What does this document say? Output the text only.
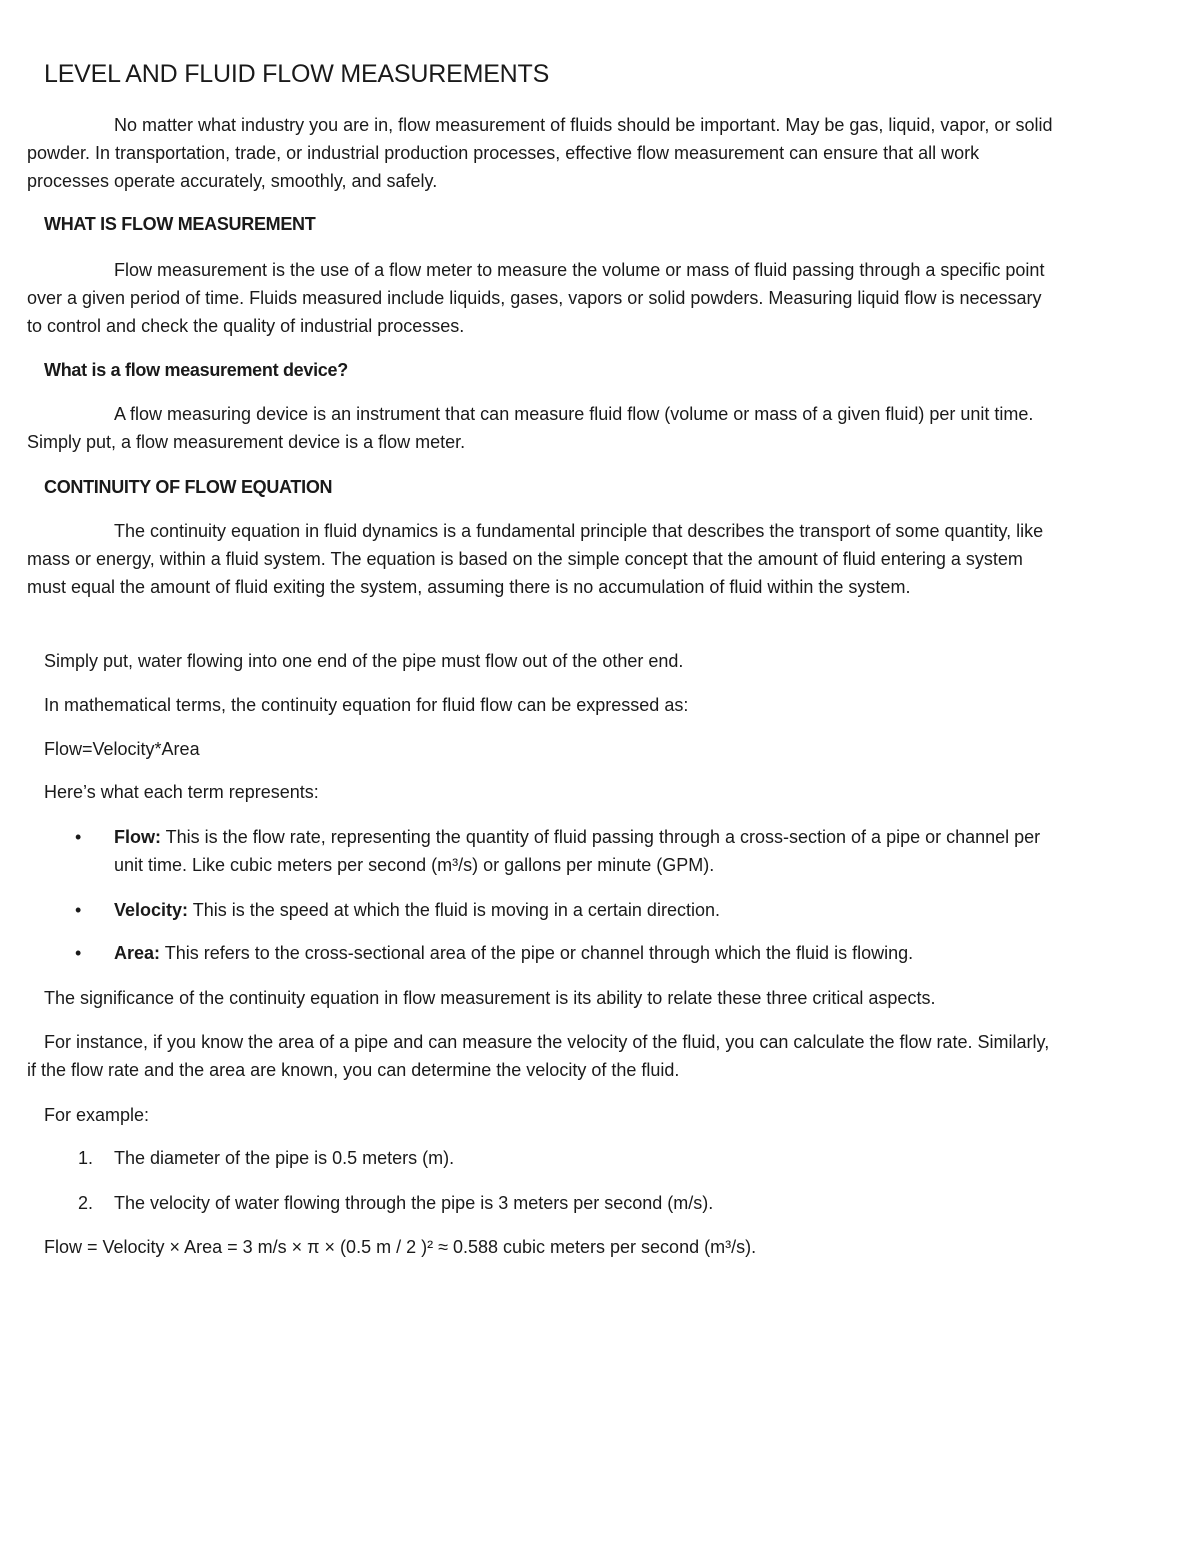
LEVEL AND FLUID FLOW MEASUREMENTS

No matter what industry you are in, flow measurement of fluids should be important. May be gas, liquid, vapor, or solid powder. In transportation, trade, or industrial production processes, effective flow measurement can ensure that all work processes operate accurately, smoothly, and safely.

WHAT IS FLOW MEASUREMENT

Flow measurement is the use of a flow meter to measure the volume or mass of fluid passing through a specific point over a given period of time. Fluids measured include liquids, gases, vapors or solid powders. Measuring liquid flow is necessary to control and check the quality of industrial processes.

What is a flow measurement device?

A flow measuring device is an instrument that can measure fluid flow (volume or mass of a given fluid) per unit time. Simply put, a flow measurement device is a flow meter.

CONTINUITY OF FLOW EQUATION

The continuity equation in fluid dynamics is a fundamental principle that describes the transport of some quantity, like mass or energy, within a fluid system. The equation is based on the simple concept that the amount of fluid entering a system must equal the amount of fluid exiting the system, assuming there is no accumulation of fluid within the system.

Simply put, water flowing into one end of the pipe must flow out of the other end.

In mathematical terms, the continuity equation for fluid flow can be expressed as:

Flow=Velocity*Area

Here’s what each term represents:

• Flow: This is the flow rate, representing the quantity of fluid passing through a cross-section of a pipe or channel per unit time. Like cubic meters per second (m³/s) or gallons per minute (GPM).
• Velocity: This is the speed at which the fluid is moving in a certain direction.
• Area: This refers to the cross-sectional area of the pipe or channel through which the fluid is flowing.

The significance of the continuity equation in flow measurement is its ability to relate these three critical aspects.

For instance, if you know the area of a pipe and can measure the velocity of the fluid, you can calculate the flow rate. Similarly, if the flow rate and the area are known, you can determine the velocity of the fluid.

For example:

1. The diameter of the pipe is 0.5 meters (m).
2. The velocity of water flowing through the pipe is 3 meters per second (m/s).

Flow = Velocity × Area = 3 m/s × π × (0.5 m / 2 )² ≈ 0.588 cubic meters per second (m³/s).
